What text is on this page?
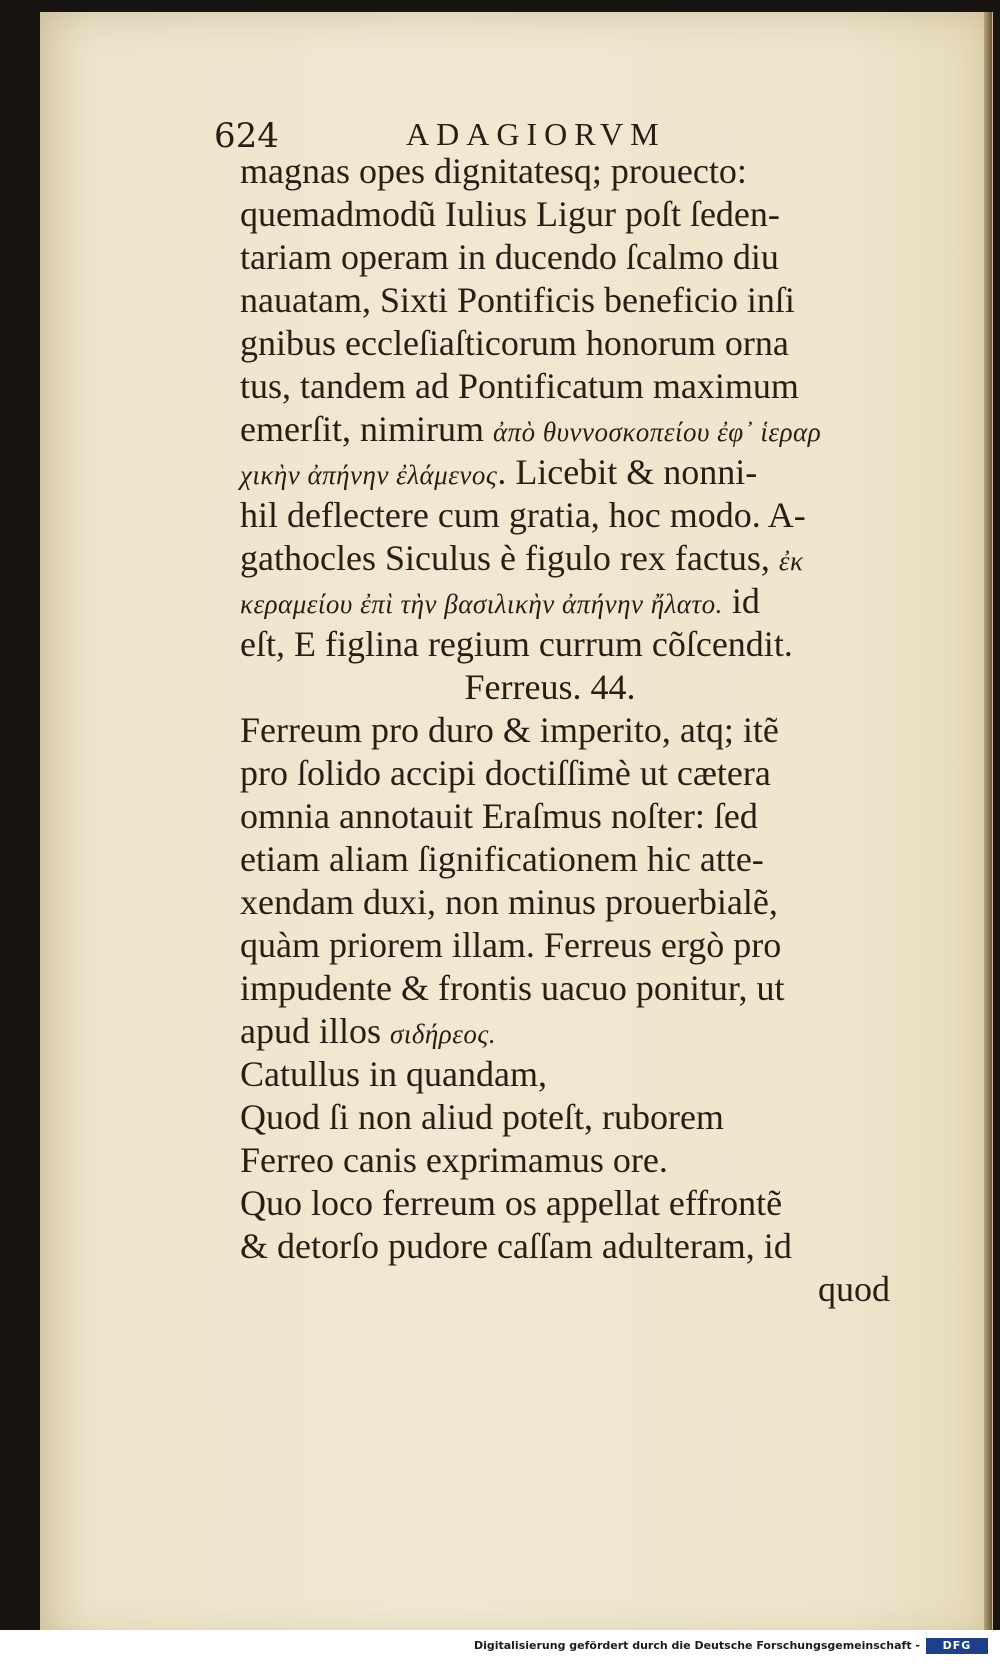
624	ADAGIORVM
magnas opes dignitatesq; prouecto:
quemadmodũ Iulius Ligur poſt ſeden-
tariam operam in ducendo ſcalmo diu
nauatam, Sixti Pontificis beneficio inſi
gnibus eccleſiaſticorum honorum orna
tus, tandem ad Pontificatum maximum
emerſit, nimirum ἀπὸ θυννοσκοπείου ἐφ᾽ ἱεραρ
χικὴν ἀπήνην ἐλάμενος. Licebit & nonni-
hil deflectere cum gratia, hoc modo. A-
gathocles Siculus è figulo rex factus, ἐκ
κεραμείου ἐπὶ τὴν βασιλικὴν ἀπήνην ἤλατο. id
eſt, E figlina regium currum cõſcendit.
Ferreus. 44.
Ferreum pro duro & imperito, atq; itẽ
pro ſolido accipi doctiſſimè ut cætera
omnia annotauit Eraſmus noſter: ſed
etiam aliam ſignificationem hic atte-
xendam duxi, non minus prouerbialẽ,
quàm priorem illam. Ferreus ergò pro
impudente & frontis uacuo ponitur, ut
apud illos σιδήρεος.
Catullus in quandam,
Quod ſi non aliud poteſt, ruborem
Ferreo canis exprimamus ore.
Quo loco ferreum os appellat effrontẽ
& detorſo pudore caſſam adulteram, id
quod
Digitalisierung gefördert durch die Deutsche Forschungsgemeinschaft -	DFG
